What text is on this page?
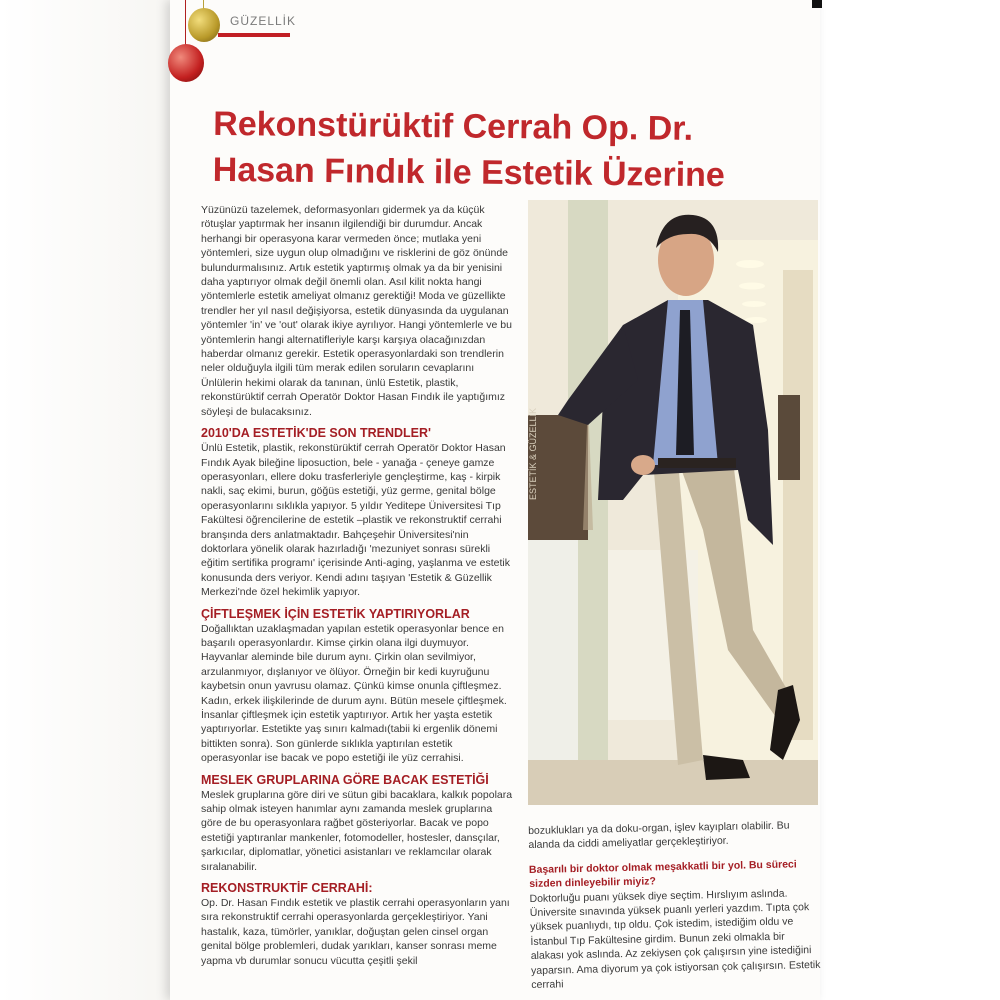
GÜZELLİK
Rekonstürüktif Cerrah Op. Dr.
Hasan Fındık ile Estetik Üzerine
ESTETİK & GÜZELLİK

Yüzünüzü tazelemek, deformasyonları gidermek ya da küçük rötuşlar yaptırmak her insanın ilgilendiği bir durumdur. Ancak herhangi bir operasyona karar vermeden önce; mutlaka yeni yöntemleri, size uygun olup olmadığını ve risklerini de göz önünde bulundurmalısınız. Artık estetik yaptırmış olmak ya da bir yenisini daha yaptırıyor olmak değil önemli olan. Asıl kilit nokta hangi yöntemlerle estetik ameliyat olmanız gerektiği! Moda ve güzellikte trendler her yıl nasıl değişiyorsa, estetik dünyasında da uygulanan yöntemler 'in' ve 'out' olarak ikiye ayrılıyor. Hangi yöntemlerle ve bu yöntemlerin hangi alternatifleriyle karşı karşıya olacağınızdan haberdar olmanız gerekir. Estetik operasyonlardaki son trendlerin neler olduğuyla ilgili tüm merak edilen soruların cevaplarını Ünlülerin hekimi olarak da tanınan, ünlü Estetik, plastik, rekonstürüktif cerrah Operatör Doktor Hasan Fındık ile yaptığımız söyleşi de bulacaksınız.

2010'DA ESTETİK'DE SON TRENDLER'

Ünlü Estetik, plastik, rekonstürüktif cerrah Operatör Doktor Hasan Fındık Ayak bileğine liposuction, bele - yanağa - çeneye gamze operasyonları, ellere doku trasferleriyle gençleştirme, kaş - kirpik nakli, saç ekimi, burun, göğüs estetiği, yüz germe, genital bölge operasyonlarını sıklıkla yapıyor. 5 yıldır Yeditepe Üniversitesi Tıp Fakültesi öğrencilerine de estetik –plastik ve rekonstruktif cerrahi branşında ders anlatmaktadır. Bahçeşehir Üniversitesi'nin doktorlara yönelik olarak hazırladığı 'mezuniyet sonrası sürekli eğitim sertifika programı' içerisinde Anti-aging, yaşlanma ve estetik konusunda ders veriyor. Kendi adını taşıyan 'Estetik & Güzellik Merkezi'nde özel hekimlik yapıyor.

ÇİFTLEŞMEK İÇİN ESTETİK YAPTIRIYORLAR

Doğallıktan uzaklaşmadan yapılan estetik operasyonlar bence en başarılı operasyonlardır. Kimse çirkin olana ilgi duymuyor. Hayvanlar aleminde bile durum aynı. Çirkin olan sevilmiyor, arzulanmıyor, dışlanıyor ve ölüyor. Örneğin bir kedi kuyruğunu kaybetsin onun yavrusu olamaz. Çünkü kimse onunla çiftleşmez. Kadın, erkek ilişkilerinde de durum aynı. Bütün mesele çiftleşmek. İnsanlar çiftleşmek için estetik yaptırıyor. Artık her yaşta estetik yaptırıyorlar. Estetikte yaş sınırı kalmadı(tabii ki ergenlik dönemi bittikten sonra). Son günlerde sıklıkla yaptırılan estetik operasyonlar ise bacak ve popo estetiği ile yüz cerrahisi.

MESLEK GRUPLARINA GÖRE BACAK ESTETİĞİ

Meslek gruplarına göre diri ve sütun gibi bacaklara, kalkık popolara sahip olmak isteyen hanımlar aynı zamanda meslek gruplarına göre de bu operasyonlara rağbet gösteriyorlar. Bacak ve popo estetiği yaptıranlar mankenler, fotomodeller, hostesler, dansçılar, şarkıcılar, diplomatlar, yönetici asistanları ve reklamcılar olarak sıralanabilir.

REKONSTRUKTİF CERRAHİ:

Op. Dr. Hasan Fındık estetik ve plastik cerrahi operasyonların yanı sıra rekonstruktif cerrahi operasyonlarda gerçekleştiriyor. Yani hastalık, kaza, tümörler, yanıklar, doğuştan gelen cinsel organ genital bölge problemleri, dudak yarıkları, kanser sonrası meme yapma vb durumlar sonucu vücutta çeşitli şekil

bozuklukları ya da doku-organ, işlev kayıpları olabilir. Bu alanda da ciddi ameliyatlar gerçekleştiriyor.

Başarılı bir doktor olmak meşakkatli bir yol. Bu süreci sizden dinleyebilir miyiz?

Doktorluğu puanı yüksek diye seçtim. Hırslıyım aslında. Üniversite sınavında yüksek puanlı yerleri yazdım. Tıpta çok yüksek puanlıydı, tıp oldu. Çok istedim, istediğim oldu ve İstanbul Tıp Fakültesine girdim. Bunun zeki olmakla bir alakası yok aslında. Az zekiysen çok çalışırsın yine istediğini yaparsın. Ama diyorum ya çok istiyorsan çok çalışırsın. Estetik cerrahi
